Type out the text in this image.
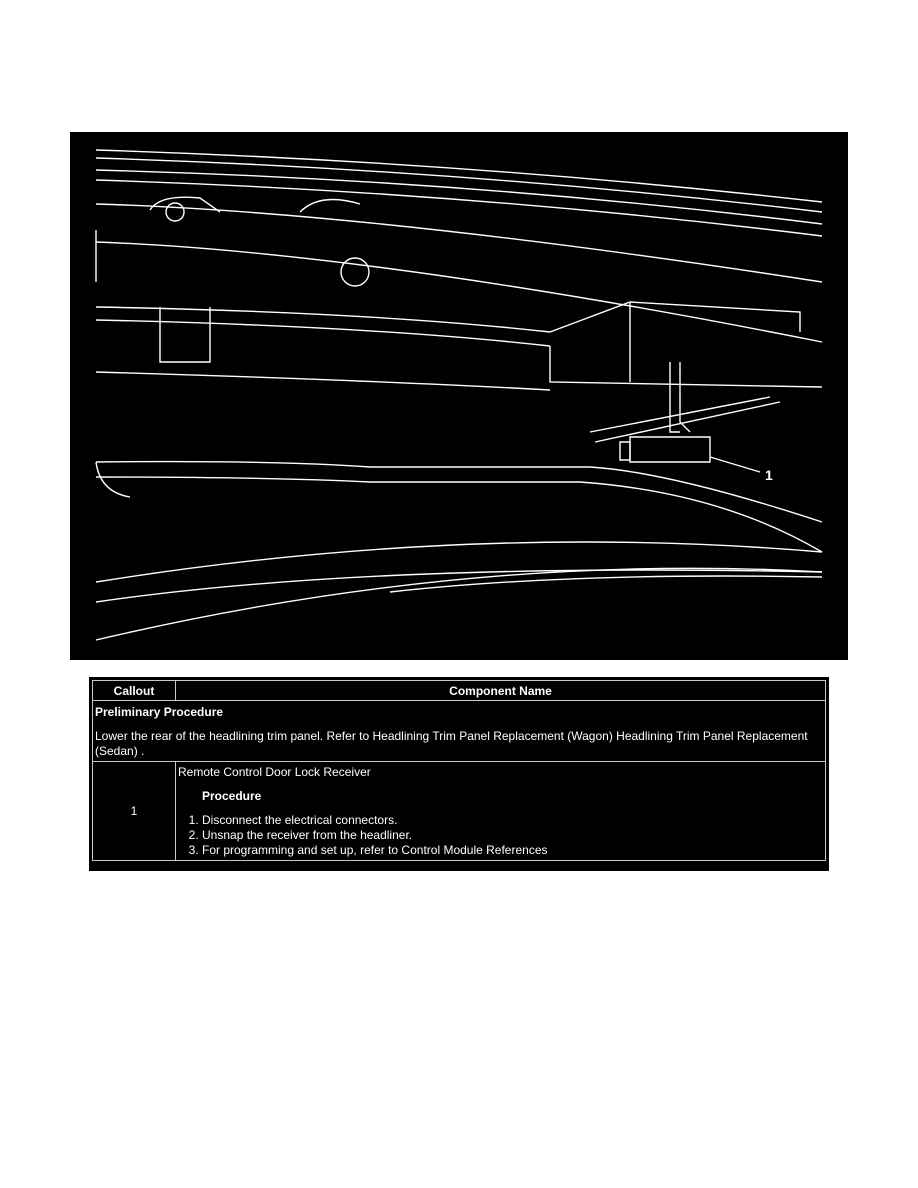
1
Callout	Component Name

Preliminary Procedure
Lower the rear of the headlining trim panel. Refer to Headlining Trim Panel Replacement (Wagon) Headlining Trim Panel Replacement (Sedan) .	

1	
Remote Control Door Lock Receiver
Procedure
1. Disconnect the electrical connectors.
2. Unsnap the receiver from the headliner.
3. For programming and set up, refer to Control Module References
